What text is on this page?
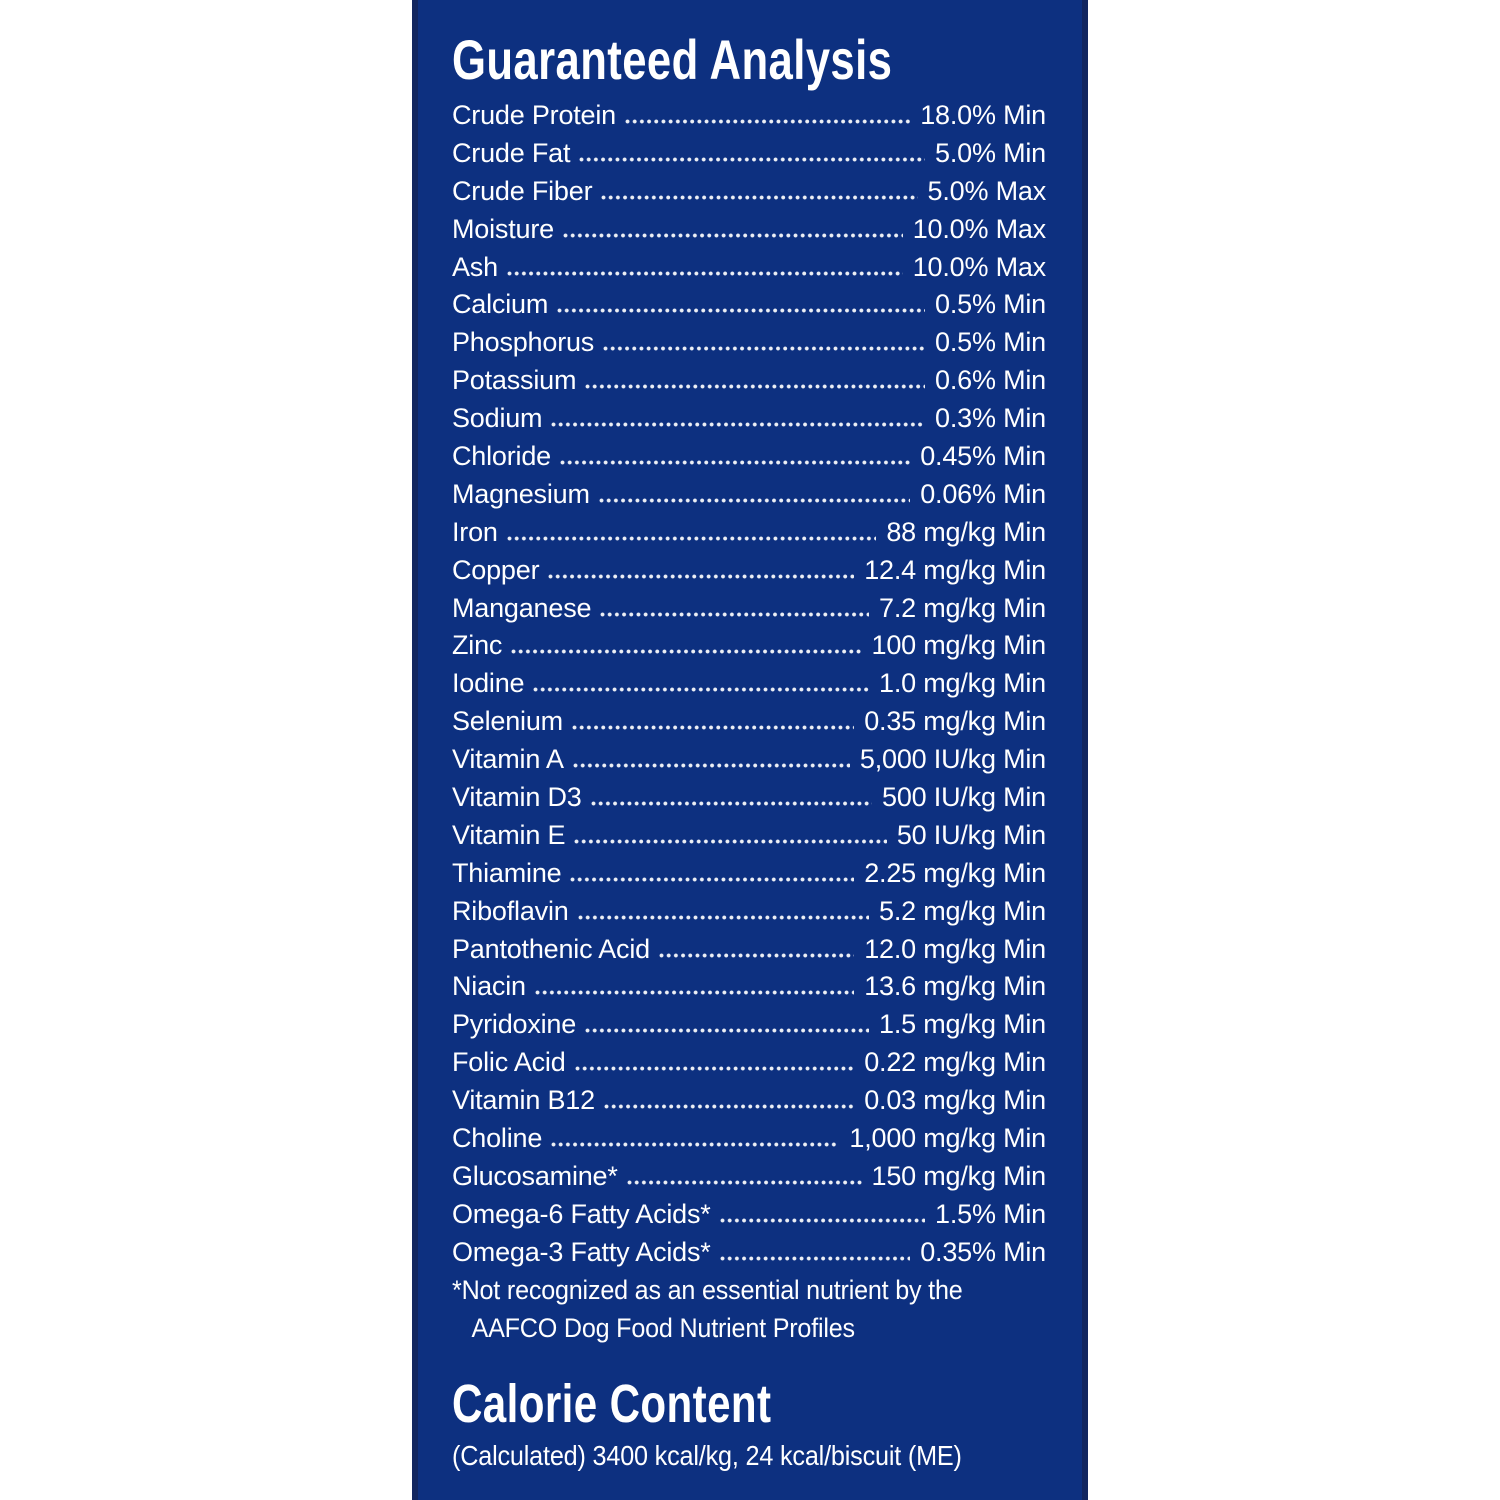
Guaranteed Analysis
Crude Protein	18.0% Min
Crude Fat	5.0% Min
Crude Fiber	5.0% Max
Moisture	10.0% Max
Ash	10.0% Max
Calcium	0.5% Min
Phosphorus	0.5% Min
Potassium	0.6% Min
Sodium	0.3% Min
Chloride	0.45% Min
Magnesium	0.06% Min
Iron	88 mg/kg Min
Copper	12.4 mg/kg Min
Manganese	7.2 mg/kg Min
Zinc	100 mg/kg Min
Iodine	1.0 mg/kg Min
Selenium	0.35 mg/kg Min
Vitamin A	5,000 IU/kg Min
Vitamin D3	500 IU/kg Min
Vitamin E	50 IU/kg Min
Thiamine	2.25 mg/kg Min
Riboflavin	5.2 mg/kg Min
Pantothenic Acid	12.0 mg/kg Min
Niacin	13.6 mg/kg Min
Pyridoxine	1.5 mg/kg Min
Folic Acid	0.22 mg/kg Min
Vitamin B12	0.03 mg/kg Min
Choline	1,000 mg/kg Min
Glucosamine*	150 mg/kg Min
Omega-6 Fatty Acids*	1.5% Min
Omega-3 Fatty Acids*	0.35% Min

*Not recognized as an essential nutrient by the
AAFCO Dog Food Nutrient Profiles

Calorie Content

(Calculated) 3400 kcal/kg, 24 kcal/biscuit (ME)
